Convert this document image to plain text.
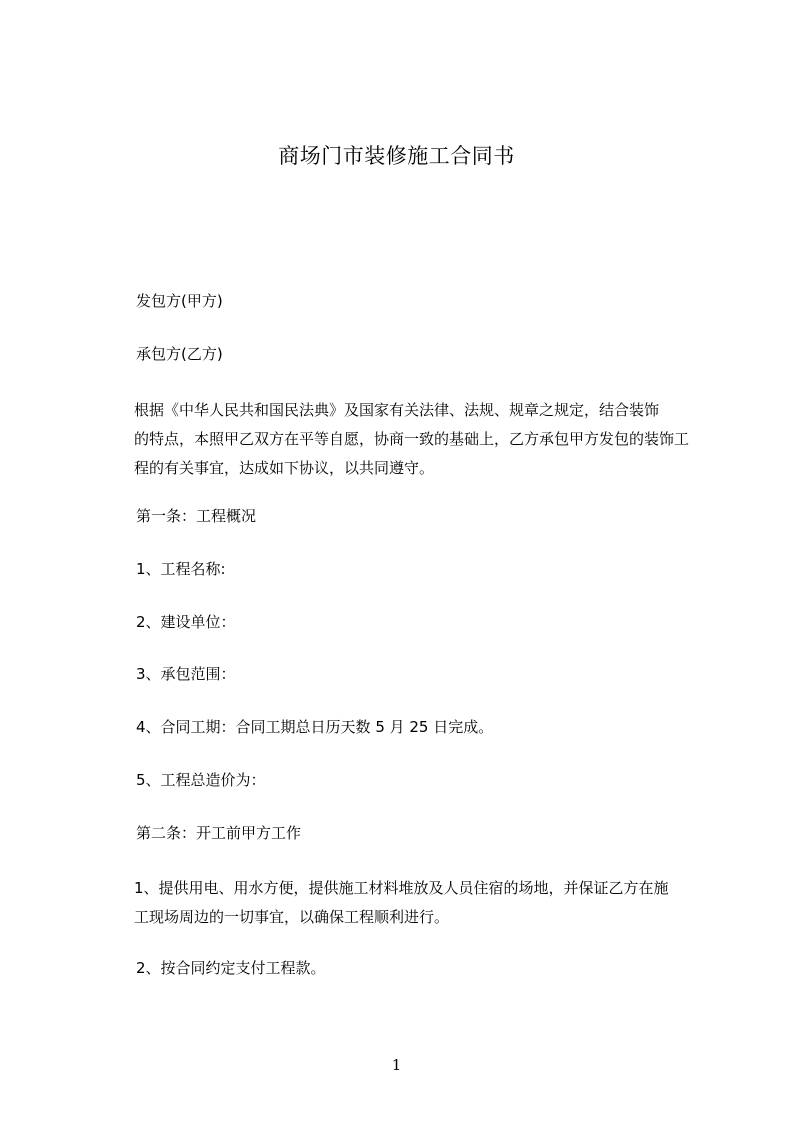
商场门市装修施工合同书
发包方(甲方)
承包方(乙方)

根据《中华人民共和国民法典》及国家有关法律、法规、规章之规定，结合装饰

的特点，本照甲乙双方在平等自愿，协商一致的基础上，乙方承包甲方发包的装饰工

程的有关事宜，达成如下协议，以共同遵守。

第一条：工程概况
1、工程名称:
2、建设单位：
3、承包范围：
4、合同工期：合同工期总日历天数 5 月 25 日完成。
5、工程总造价为：
第二条：开工前甲方工作

1、提供用电、用水方便，提供施工材料堆放及人员住宿的场地，并保证乙方在施

工现场周边的一切事宜，以确保工程顺利进行。

2、按合同约定支付工程款。
1
